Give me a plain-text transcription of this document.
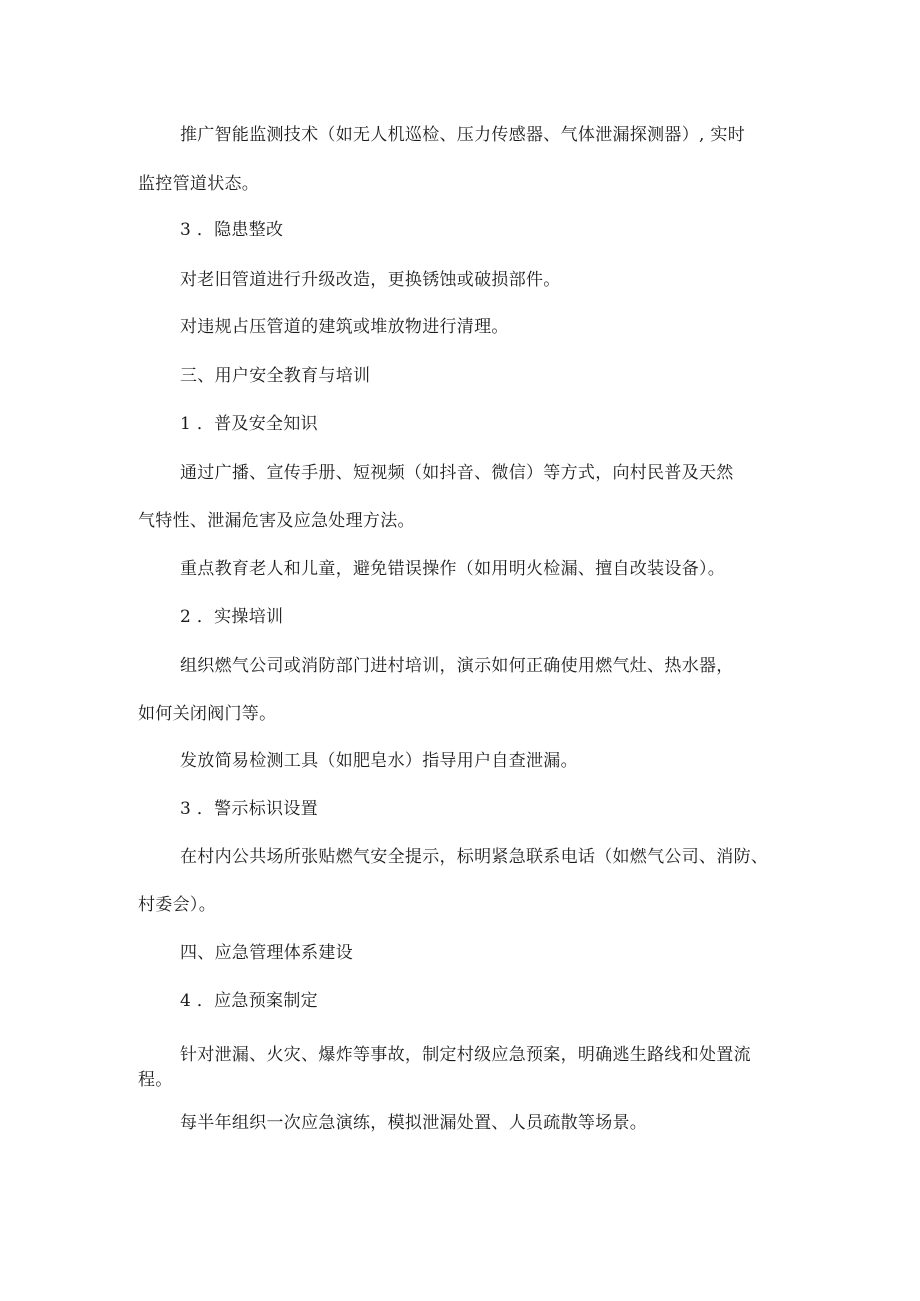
推广智能监测技术（如无人机巡检、压力传感器、气体泄漏探测器）, 实时
监控管道状态。
3 ．隐患整改
对老旧管道进行升级改造，更换锈蚀或破损部件。
对违规占压管道的建筑或堆放物进行清理。
三、用户安全教育与培训
1 ．普及安全知识
通过广播、宣传手册、短视频（如抖音、微信）等方式，向村民普及天然
气特性、泄漏危害及应急处理方法。
重点教育老人和儿童，避免错误操作（如用明火检漏、擅自改装设备）。
2 ．实操培训
组织燃气公司或消防部门进村培训，演示如何正确使用燃气灶、热水器，
如何关闭阀门等。
发放简易检测工具（如肥皂水）指导用户自查泄漏。
3 ．警示标识设置
在村内公共场所张贴燃气安全提示，标明紧急联系电话（如燃气公司、消防、
村委会）。
四、应急管理体系建设
4 ．应急预案制定
针对泄漏、火灾、爆炸等事故，制定村级应急预案，明确逃生路线和处置流
程。
每半年组织一次应急演练，模拟泄漏处置、人员疏散等场景。
